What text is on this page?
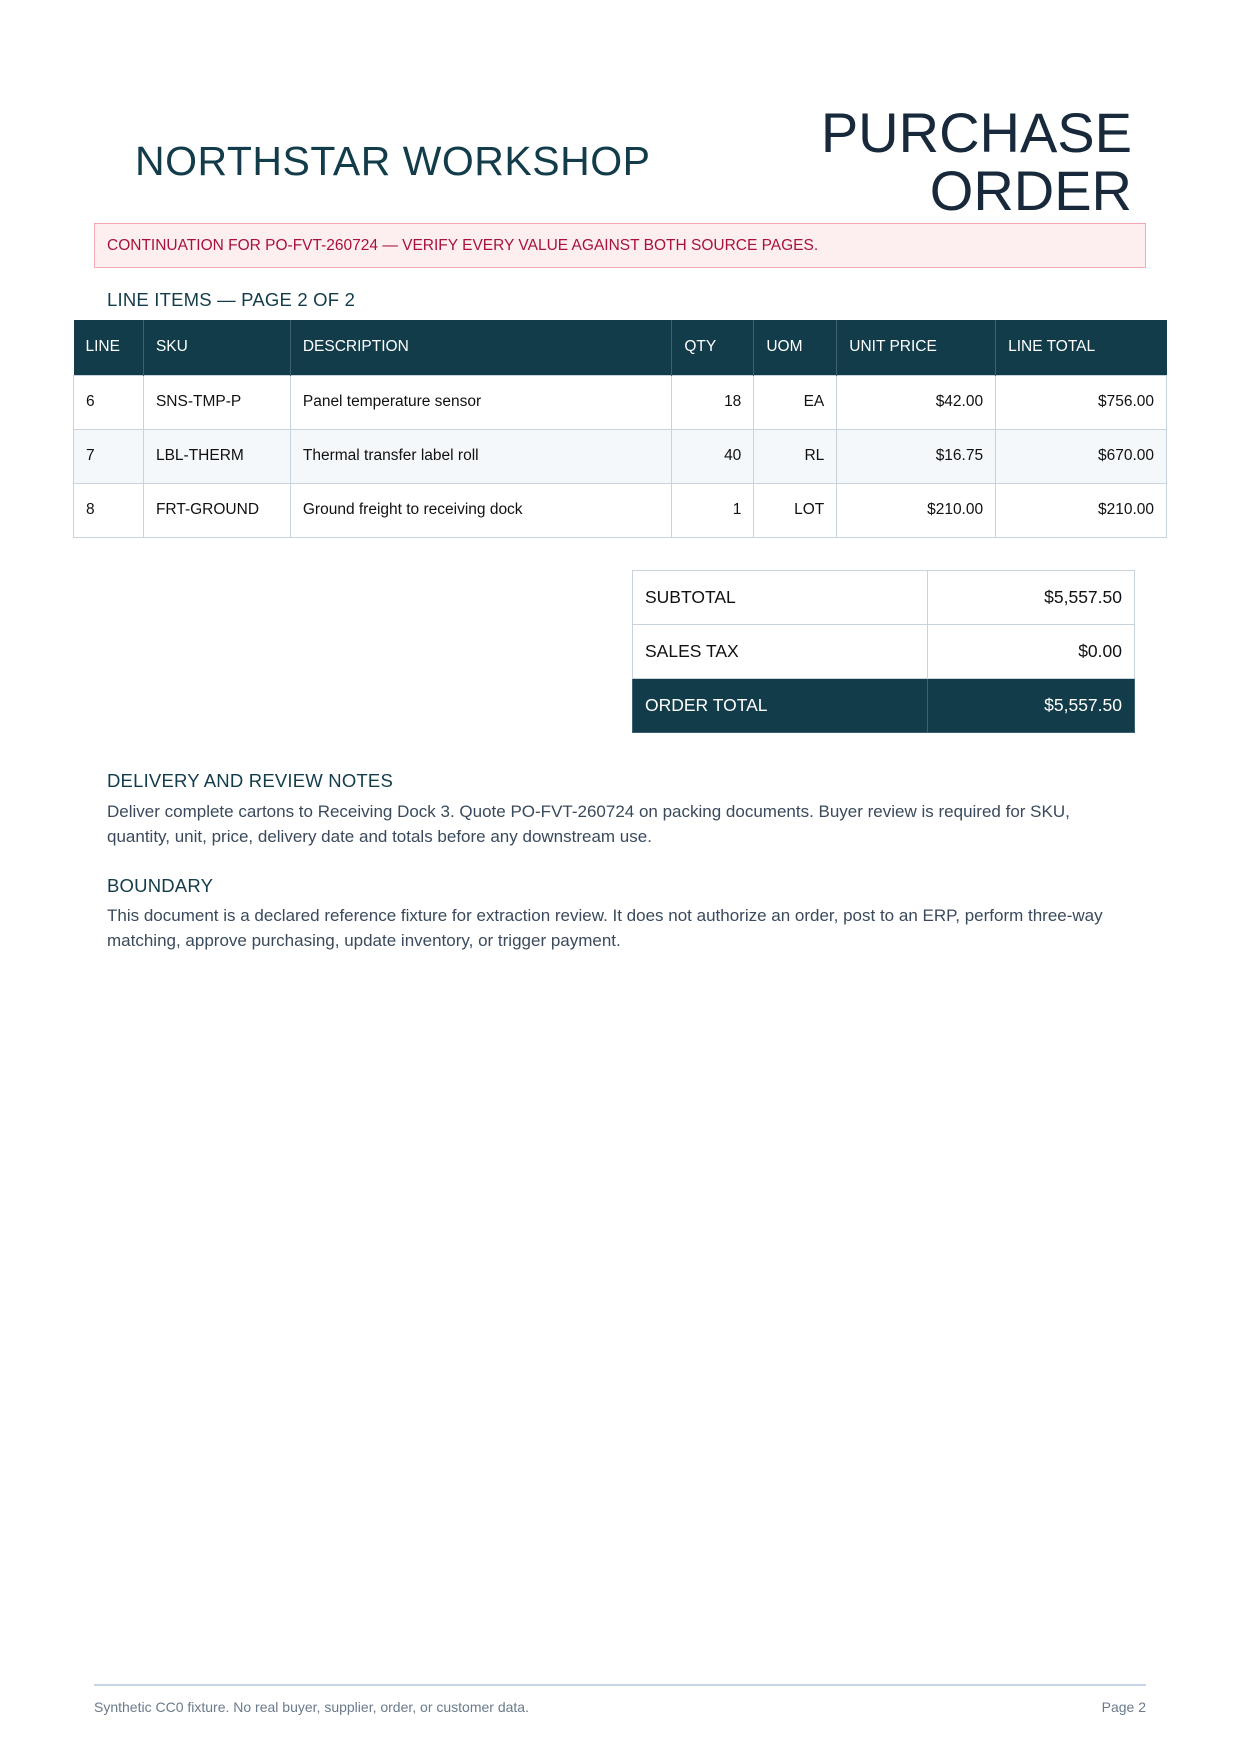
NORTHSTAR WORKSHOP	PURCHASE
ORDER
CONTINUATION FOR PO-FVT-260724 — VERIFY EVERY VALUE AGAINST BOTH SOURCE PAGES.
LINE ITEMS — PAGE 2 OF 2
LINE	SKU	DESCRIPTION	QTY	UOM	UNIT PRICE	LINE TOTAL
6	SNS-TMP-P	Panel temperature sensor	18	EA	$42.00	$756.00
7	LBL-THERM	Thermal transfer label roll	40	RL	$16.75	$670.00
8	FRT-GROUND	Ground freight to receiving dock	1	LOT	$210.00	$210.00
SUBTOTAL	$5,557.50
SALES TAX	$0.00
ORDER TOTAL	$5,557.50
DELIVERY AND REVIEW NOTES
Deliver complete cartons to Receiving Dock 3. Quote PO-FVT-260724 on packing documents. Buyer review is required for SKU, quantity, unit, price, delivery date and totals before any downstream use.
BOUNDARY
This document is a declared reference fixture for extraction review. It does not authorize an order, post to an ERP, perform three-way matching, approve purchasing, update inventory, or trigger payment.
Synthetic CC0 fixture. No real buyer, supplier, order, or customer data.	Page 2
